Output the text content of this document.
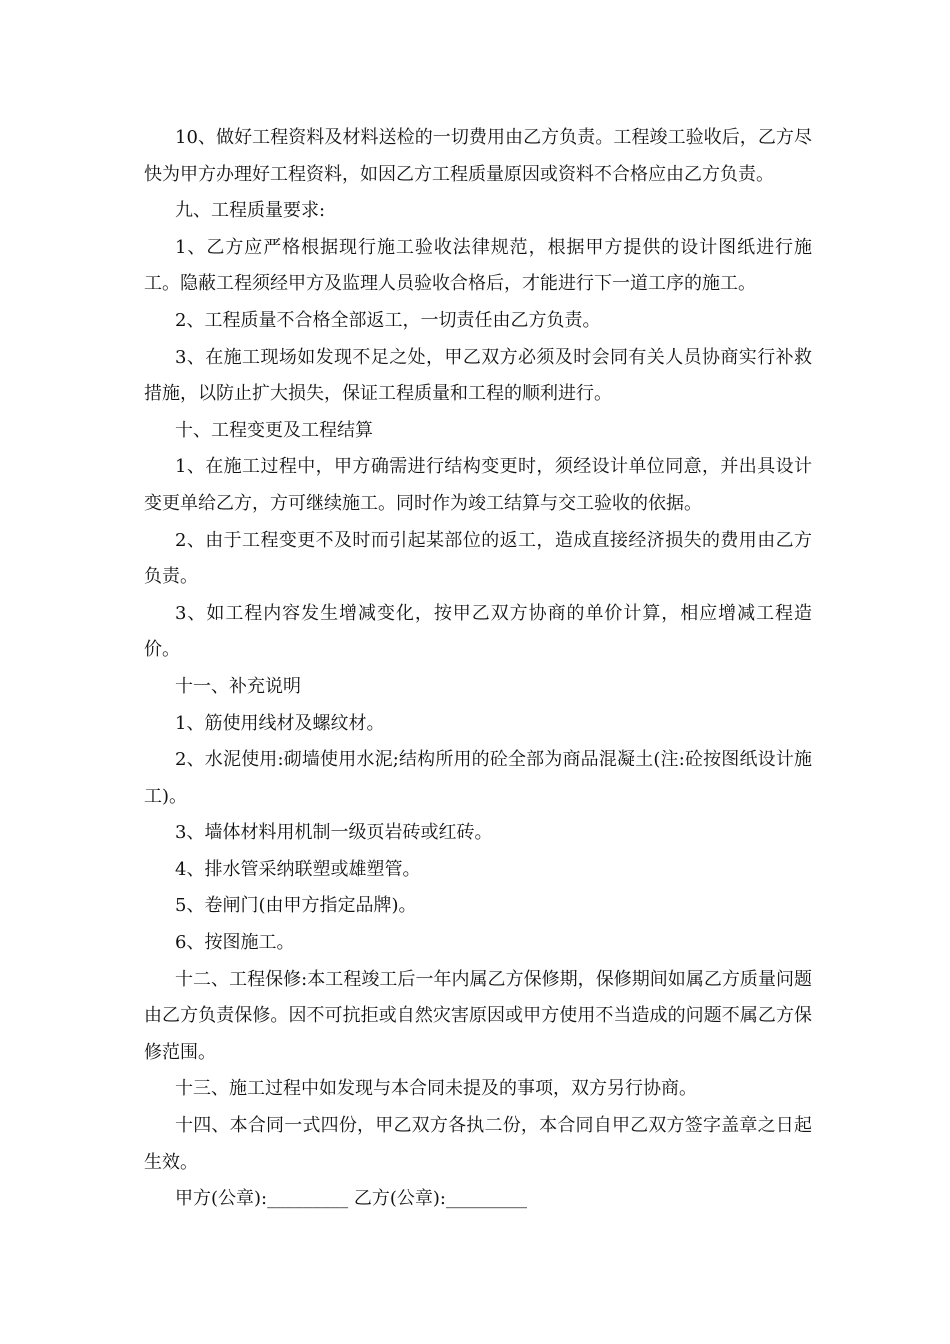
10、做好工程资料及材料送检的一切费用由乙方负责。工程竣工验收后，乙方尽快为甲方办理好工程资料，如因乙方工程质量原因或资料不合格应由乙方负责。

九、工程质量要求:

1、乙方应严格根据现行施工验收法律规范，根据甲方提供的设计图纸进行施工。隐蔽工程须经甲方及监理人员验收合格后，才能进行下一道工序的施工。

2、工程质量不合格全部返工，一切责任由乙方负责。

3、在施工现场如发现不足之处，甲乙双方必须及时会同有关人员协商实行补救措施，以防止扩大损失，保证工程质量和工程的顺利进行。

十、工程变更及工程结算

1、在施工过程中，甲方确需进行结构变更时，须经设计单位同意，并出具设计变更单给乙方，方可继续施工。同时作为竣工结算与交工验收的依据。

2、由于工程变更不及时而引起某部位的返工，造成直接经济损失的费用由乙方负责。

3、如工程内容发生增减变化，按甲乙双方协商的单价计算，相应增减工程造价。

十一、补充说明

1、筋使用线材及螺纹材。

2、水泥使用:砌墙使用水泥;结构所用的砼全部为商品混凝土(注:砼按图纸设计施工)。

3、墙体材料用机制一级页岩砖或红砖。

4、排水管采纳联塑或雄塑管。

5、卷闸门(由甲方指定品牌)。

6、按图施工。

十二、工程保修:本工程竣工后一年内属乙方保修期，保修期间如属乙方质量问题由乙方负责保修。因不可抗拒或自然灾害原因或甲方使用不当造成的问题不属乙方保修范围。

十三、施工过程中如发现与本合同未提及的事项，双方另行协商。

十四、本合同一式四份，甲乙双方各执二份，本合同自甲乙双方签字盖章之日起生效。

甲方(公章):_________ 乙方(公章):_________
